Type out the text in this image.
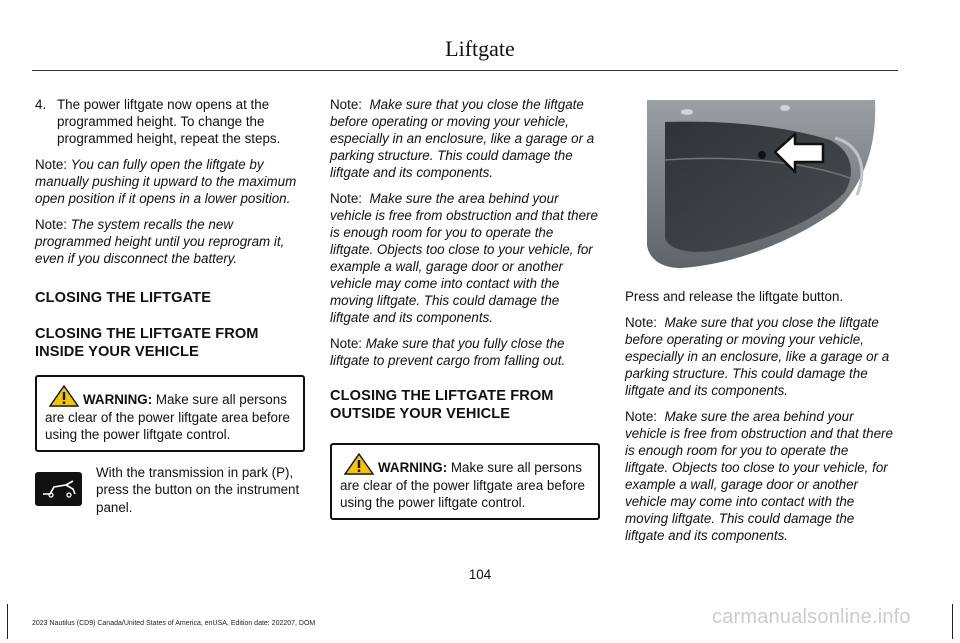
Liftgate
4. The power liftgate now opens at the programmed height. To change the programmed height, repeat the steps.

Note: You can fully open the liftgate by manually pushing it upward to the maximum open position if it opens in a lower position.

Note: The system recalls the new programmed height until you reprogram it, even if you disconnect the battery.

CLOSING THE LIFTGATE
CLOSING THE LIFTGATE FROM INSIDE YOUR VEHICLE
WARNING: Make sure all persons are clear of the power liftgate area before using the power liftgate control.
With the transmission in park (P), press the button on the instrument panel.

Note: Make sure that you close the liftgate before operating or moving your vehicle, especially in an enclosure, like a garage or a parking structure. This could damage the liftgate and its components.

Note: Make sure the area behind your vehicle is free from obstruction and that there is enough room for you to operate the liftgate. Objects too close to your vehicle, for example a wall, garage door or another vehicle may come into contact with the moving liftgate. This could damage the liftgate and its components.

Note: Make sure that you fully close the liftgate to prevent cargo from falling out.

CLOSING THE LIFTGATE FROM OUTSIDE YOUR VEHICLE
WARNING: Make sure all persons are clear of the power liftgate area before using the power liftgate control.

Press and release the liftgate button.

Note: Make sure that you close the liftgate before operating or moving your vehicle, especially in an enclosure, like a garage or a parking structure. This could damage the liftgate and its components.

Note: Make sure the area behind your vehicle is free from obstruction and that there is enough room for you to operate the liftgate. Objects too close to your vehicle, for example a wall, garage door or another vehicle may come into contact with the moving liftgate. This could damage the liftgate and its components.

104
2023 Nautilus (CD9) Canada/United States of America, enUSA, Edition date: 202207, DOM	carmanualsonline.info
